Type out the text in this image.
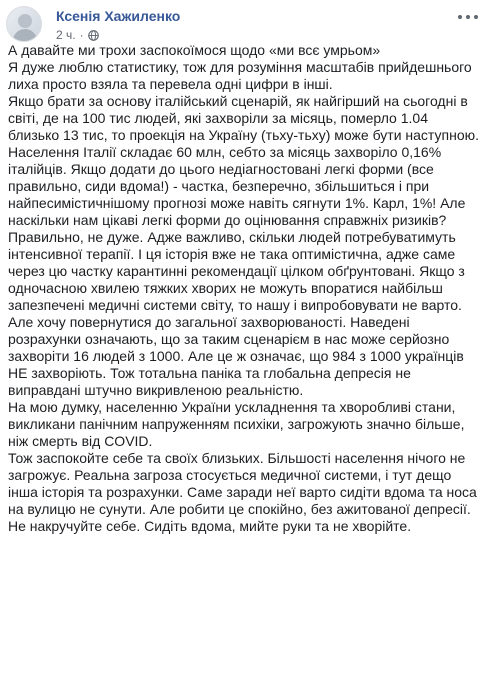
Ксенія Хажиленко
2 ч. ·

А давайте ми трохи заспокоїмося щодо «ми всє умрьом»

Я дуже люблю статистику, тож для розуміння масштабів прийдешнього лиха просто взяла та перевела одні цифри в інші.

Якщо брати за основу італійський сценарій, як найгірший на сьогодні в світі, де на 100 тис людей, які захворіли за місяць, померло 1.04 близько 13 тис, то проекція на Україну (тьху-тьху) може бути наступною.

Населення Італії складає 60 млн, себто за місяць захворіло 0,16% італійців. Якщо додати до цього недіагностовані легкі форми (все правильно, сиди вдома!) - частка, безперечно, збільшиться і при найпесимістичнішому прогнозі може навіть сягнути 1%. Карл, 1%! Але наскільки нам цікаві легкі форми до оцінювання справжніх ризиків?

Правильно, не дуже. Адже важливо, скільки людей потребуватимуть інтенсивної терапії. І ця історія вже не така оптимістична, адже саме через цю частку карантинні рекомендації цілком обґрунтовані. Якщо з одночасною хвилею тяжких хворих не можуть впоратися найбільш запезпечені медичні системи світу, то нашу і випробовувати не варто.

Але хочу повернутися до загальної захворюваності. Наведені розрахунки означають, що за таким сценарієм в нас може серйозно захворіти 16 людей з 1000. Але це ж означає, що 984 з 1000 українців НЕ захворіють. Тож тотальна паніка та глобальна депресія не виправдані штучно викривленою реальністю.

На мою думку, населенню України ускладнення та хворобливі стани, викликани панічним напруженням психіки, загрожують значно більше, ніж смерть від COVID.

Тож заспокойте себе та своїх близьких. Більшості населення нічого не загрожує. Реальна загроза стосується медичної системи, і тут дещо інша історія та розрахунки. Саме заради неї варто сидіти вдома та носа на вулицю не сунути. Але робити це спокійно, без ажитованої депресії.

Не накручуйте себе. Сидіть вдома, мийте руки та не хворійте.
